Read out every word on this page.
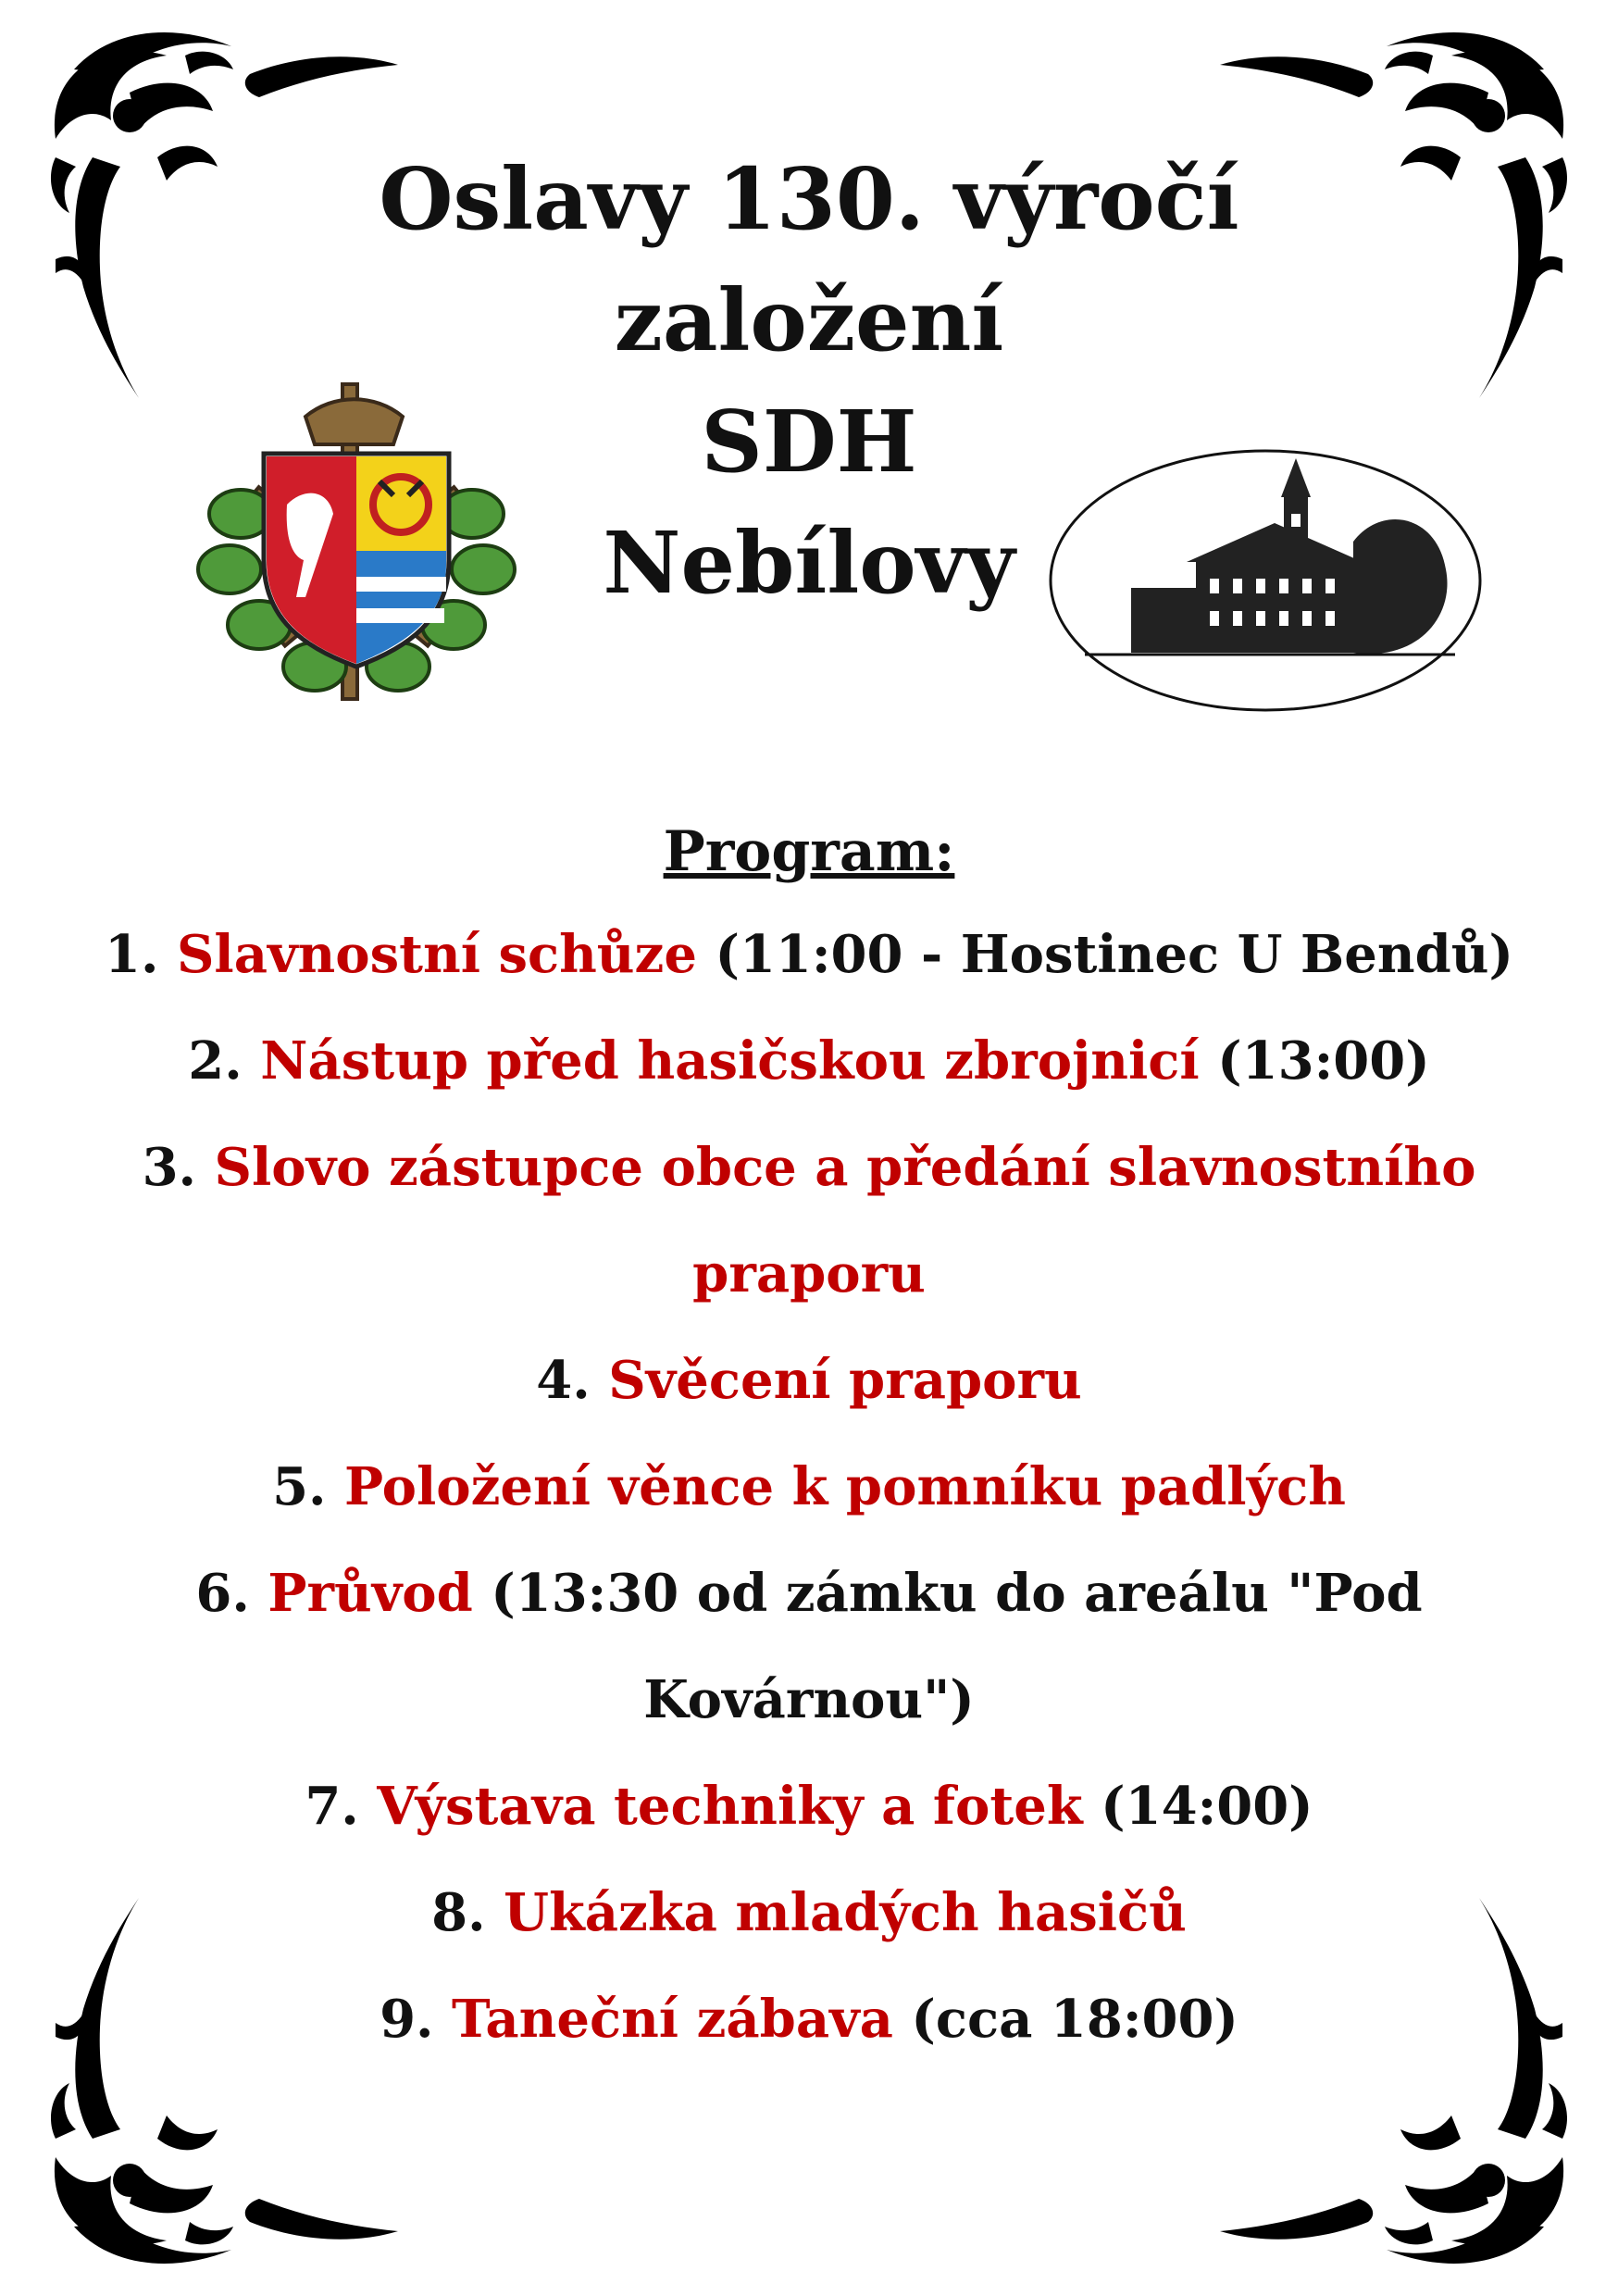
Oslavy 130. výročí
založení
SDH
Nebílovy
Program:
1. Slavnostní schůze (11:00 - Hostinec U Bendů)
2. Nástup před hasičskou zbrojnicí (13:00)
3. Slovo zástupce obce a předání slavnostního praporu
4. Svěcení praporu
5. Položení věnce k pomníku padlých
6. Průvod (13:30 od zámku do areálu "Pod Kovárnou")
7. Výstava techniky a fotek (14:00)
8. Ukázka mladých hasičů
9. Taneční zábava (cca 18:00)
